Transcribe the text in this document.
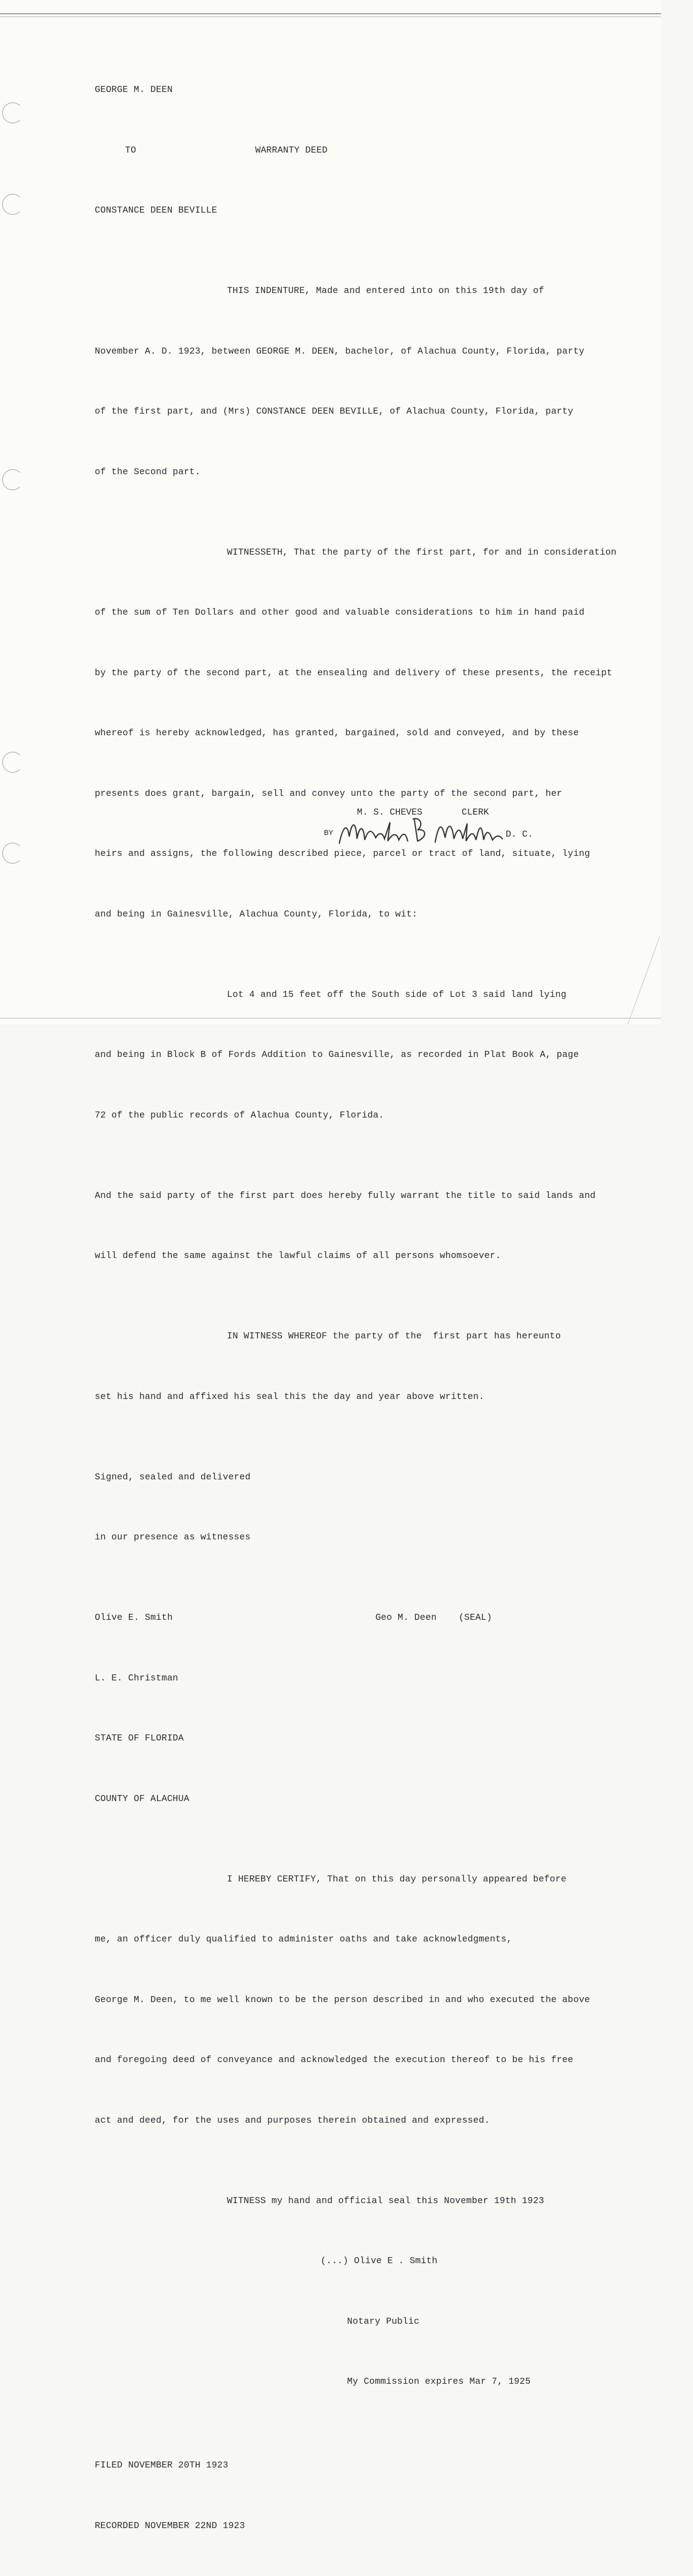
GEORGE M. DEEN

TO	WARRANTY DEED

CONSTANCE DEEN BEVILLE

THIS INDENTURE, Made and entered into on this 19th day of

November A. D. 1923, between GEORGE M. DEEN, bachelor, of Alachua County, Florida, party

of the first part, and (Mrs) CONSTANCE DEEN BEVILLE, of Alachua County, Florida, party

of the Second part.

WITNESSETH, That the party of the first part, for and in consideration

of the sum of Ten Dollars and other good and valuable considerations to him in hand paid

by the party of the second part, at the ensealing and delivery of these presents, the receipt

whereof is hereby acknowledged, has granted, bargained, sold and conveyed, and by these

presents does grant, bargain, sell and convey unto the party of the second part, her

heirs and assigns, the following described piece, parcel or tract of land, situate, lying

and being in Gainesville, Alachua County, Florida, to wit:

Lot 4 and 15 feet off the South side of Lot 3 said land lying

and being in Block B of Fords Addition to Gainesville, as recorded in Plat Book A, page

72 of the public records of Alachua County, Florida.

And the said party of the first part does hereby fully warrant the title to said lands and

will defend the same against the lawful claims of all persons whomsoever.

IN WITNESS WHEREOF the party of the  first part has hereunto

set his hand and affixed his seal this the day and year above written.

Signed, sealed and delivered

in our presence as witnesses

Olive E. Smith	Geo M. Deen (SEAL)

L. E. Christman

STATE OF FLORIDA

COUNTY OF ALACHUA

I HEREBY CERTIFY, That on this day personally appeared before

me, an officer duly qualified to administer oaths and take acknowledgments,

George M. Deen, to me well known to be the person described in and who executed the above

and foregoing deed of conveyance and acknowledged the execution thereof to be his free

act and deed, for the uses and purposes therein obtained and expressed.

WITNESS my hand and official seal this November 19th 1923

(...) Olive E . Smith

Notary Public

My Commission expires Mar 7, 1925

FILED NOVEMBER 20TH 1923

RECORDED NOVEMBER 22ND 1923

M. S. CHEVES	CLERK
BY	D. C.
